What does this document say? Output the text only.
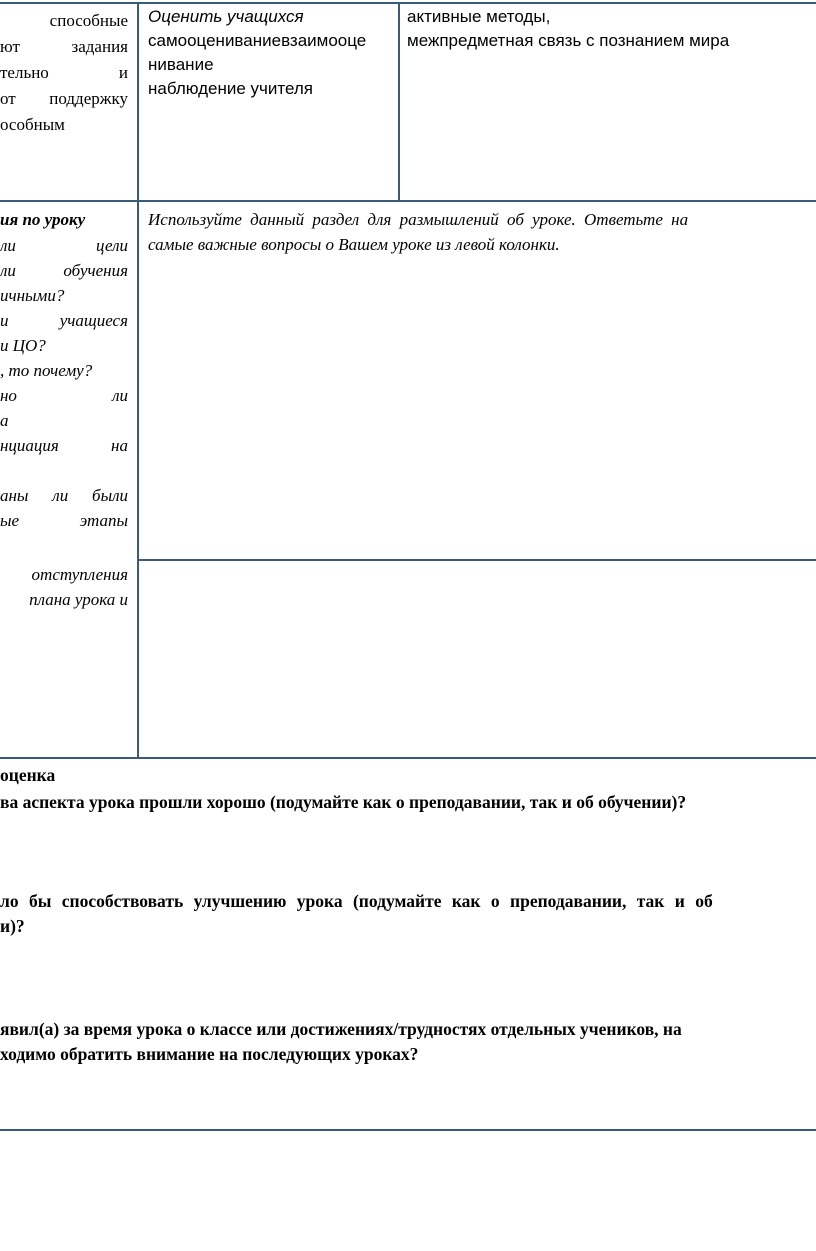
способные
ют     задания
тельно         и
от   поддержку
особным
Оценить учащихся
самооцениваниевзаимооце
нивание
наблюдение учителя
активные методы,
межпредметная связь с познанием мира
ия по уроку
ли        цели
ли     обучения
ичными?
и      учащиеся
и ЦО?
, то почему?
но             ли
а
нциация      на
аны  ли  были
ые        этапы
отступления
плана урока и
Используйте данный раздел для размышлений об уроке. Ответьте на
самые важные вопросы о Вашем уроке из левой колонки.
оценка
ва аспекта урока прошли хорошо (подумайте как о преподавании, так и об обучении)?
ло бы способствовать улучшению урока (подумайте как о преподавании, так и об
и)?
явил(а) за время урока о классе или достижениях/трудностях отдельных учеников, на
ходимо обратить внимание на последующих уроках?
